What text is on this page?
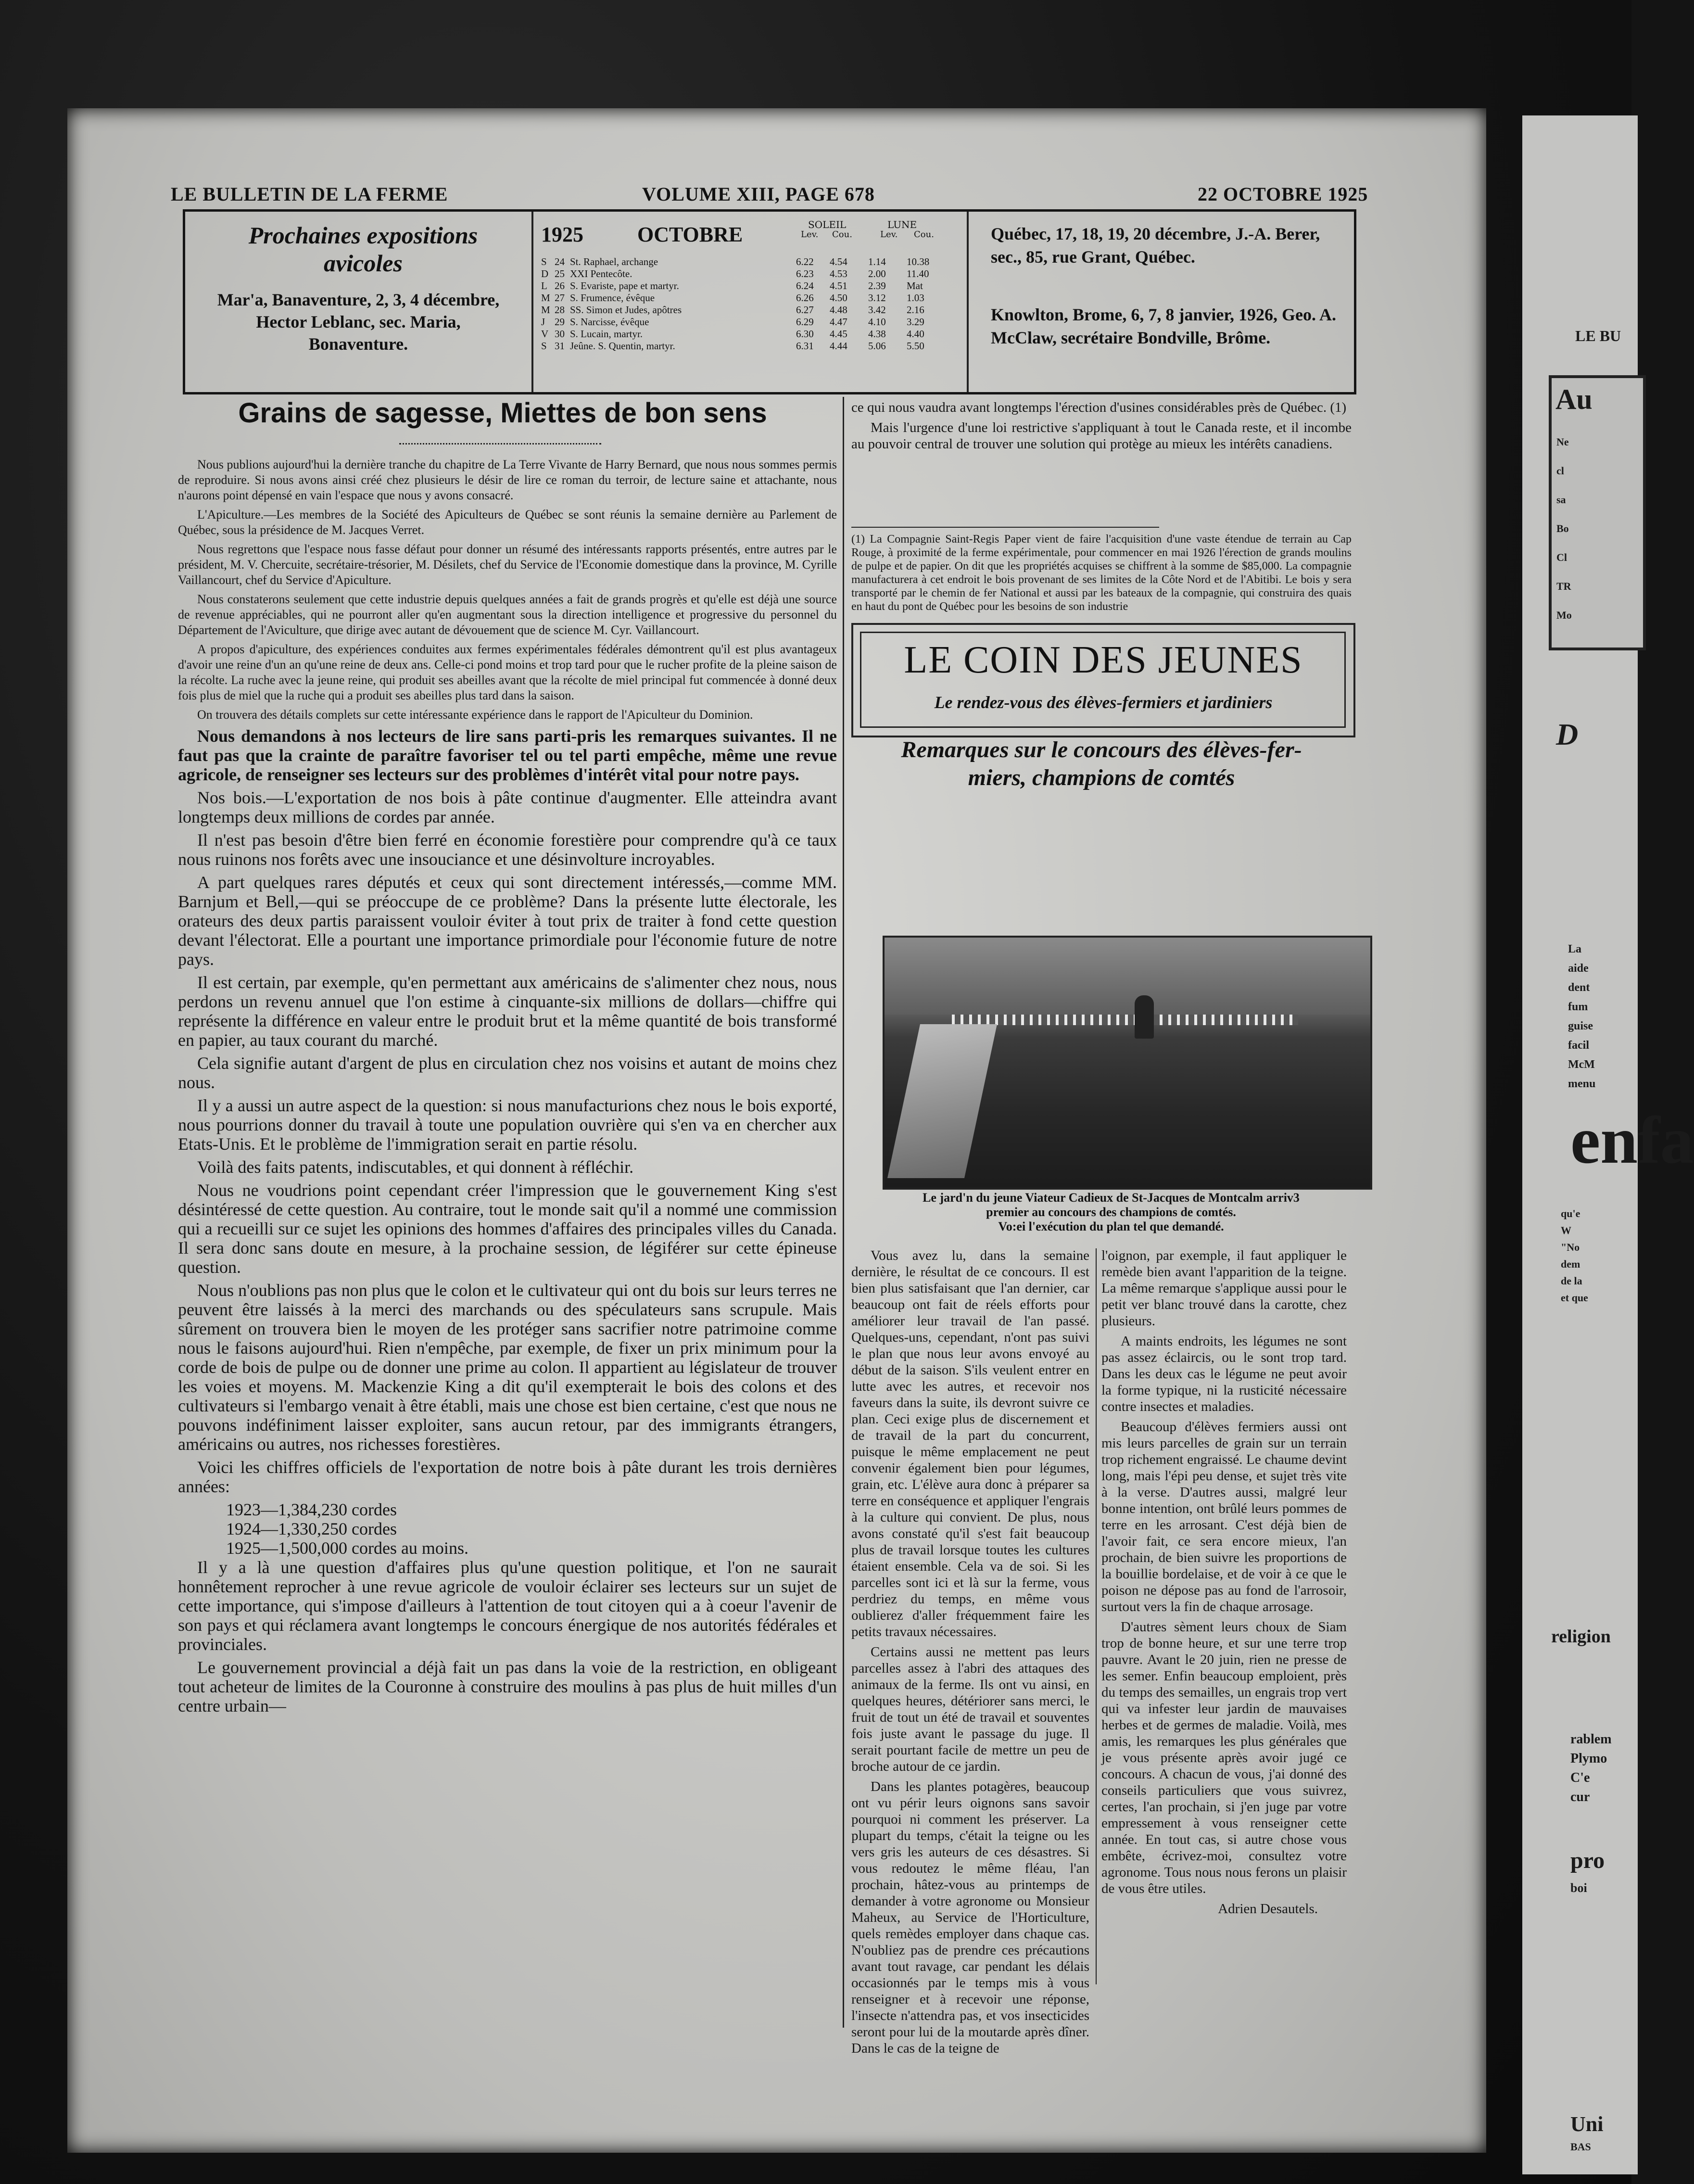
LE BU
Au
Ne
cl
sa
Bo
Cl
TR
Mo
D
La
aide
dent
fum
guise
facil
McM
menu
enfa
qu'e
W
"No
dem
de la
et que
religion
rablem
Plymo
C'e
cur
pro
boi
Uni
BAS
LE BULLETIN DE LA FERME	VOLUME XIII, PAGE 678	22 OCTOBRE 1925
Prochaines expositions
avicoles
Mar'a, Banaventure, 2, 3, 4 décembre, Hector Leblanc, sec. Maria, Bonaventure.
1925	OCTOBRE	SOLEIL	LUNE
Lev. Cou.	Lev. Cou.
S 24 St. Raphael, archange	6.22	4.54	1.14	10.38
D 25 XXI Pentecôte.	6.23	4.53	2.00	11.40
L 26 S. Evariste, pape et martyr.	6.24	4.51	2.39	Mat
M 27 S. Frumence, évêque	6.26	4.50	3.12	1.03
M 28 SS. Simon et Judes, apôtres	6.27	4.48	3.42	2.16
J 29 S. Narcisse, évêque	6.29	4.47	4.10	3.29
V 30 S. Lucain, martyr.	6.30	4.45	4.38	4.40
S 31 Jeûne. S. Quentin, martyr.	6.31	4.44	5.06	5.50
Québec, 17, 18, 19, 20 décembre, J.-A. Ber​er, sec., 85, rue Grant, Québec.
Knowlton, Brome, 6, 7, 8 janvier, 1926, Geo. A. McClaw, secrétaire Bondville, Brôme.
Grains de sagesse, Miettes de bon sens

Nous publions aujourd'hui la dernière tranche du chapitre de La Terre Vivante de Harry Bernard, que nous nous sommes permis de reproduire. Si nous avons ainsi créé chez plusieurs le désir de lire ce roman du terroir, de lecture saine et attachante, nous n'aurons point dépensé en vain l'espace que nous y avons consacré.

L'Apiculture.—Les membres de la Société des Apiculteurs de Québec se sont réunis la semaine dernière au Parlement de Québec, sous la présidence de M. Jacques Verret.

Nous regrettons que l'espace nous fasse défaut pour donner un résumé des intéressants rapports présentés, entre autres par le président, M. V. Chercuite, secrétaire-trésorier, M. Désilets, chef du Service de l'Economie domestique dans la province, M. Cyrille Vaillancourt, chef du Service d'Apiculture.

Nous constaterons seulement que cette industrie depuis quelques années a fait de grands progrès et qu'elle est déjà une source de revenue appréciables, qui ne pourront aller qu'en augmentant sous la direction intelligence et progressive du personnel du Département de l'Aviculture, que dirige avec autant de dévouement que de science M. Cyr. Vaillancourt.

A propos d'apiculture, des expériences conduites aux fermes expérimentales fédérales démontrent qu'il est plus avantageux d'avoir une reine d'un an qu'une reine de deux ans. Celle-ci pond moins et trop tard pour que le rucher profite de la pleine saison de la récolte. La ruche avec la jeune reine, qui produit ses abeilles avant que la récolte de miel principal fut commencée à donné deux fois plus de miel que la ruche qui a produit ses abeilles plus tard dans la saison.

On trouvera des détails complets sur cette intéressante expérience dans le rapport de l'Apiculteur du Dominion.

Nous demandons à nos lecteurs de lire sans parti-pris les remarques suivantes. Il ne faut pas que la crainte de paraître favoriser tel ou tel parti empêche, même une revue agricole, de renseigner ses lecteurs sur des problèmes d'intérêt vital pour notre pays.

Nos bois.—L'exportation de nos bois à pâte continue d'augmenter. Elle atteindra avant longtemps deux millions de cordes par année.

Il n'est pas besoin d'être bien ferré en économie forestière pour comprendre qu'à ce taux nous ruinons nos forêts avec une insouciance et une désinvolture incroyables.

A part quelques rares députés et ceux qui sont directement intéressés,—comme MM. Barnjum et Bell,—qui se préoccupe de ce problème? Dans la présente lutte électorale, les orateurs des deux partis paraissent vouloir éviter à tout prix de traiter à fond cette question devant l'électorat. Elle a pourtant une importance primordiale pour l'économie future de notre pays.

Il est certain, par exemple, qu'en permettant aux américains de s'alimenter chez nous, nous perdons un revenu annuel que l'on estime à cinquante-six millions de dollars—chiffre qui représente la différence en valeur entre le produit brut et la même quantité de bois transformé en papier, au taux courant du marché.

Cela signifie autant d'argent de plus en circulation chez nos voisins et autant de moins chez nous.

Il y a aussi un autre aspect de la question: si nous manufacturions chez nous le bois exporté, nous pourrions donner du travail à toute une population ouvrière qui s'en va en chercher aux Etats-Unis. Et le problème de l'immigration serait en partie résolu.

Voilà des faits patents, indiscutables, et qui donnent à réfléchir.

Nous ne voudrions point cependant créer l'impression que le gouvernement King s'est désintéressé de cette question. Au contraire, tout le monde sait qu'il a nommé une commission qui a recueilli sur ce sujet les opinions des hommes d'affaires des principales villes du Canada. Il sera donc sans doute en mesure, à la prochaine session, de légiférer sur cette épineuse question.

Nous n'oublions pas non plus que le colon et le cultivateur qui ont du bois sur leurs terres ne peuvent être laissés à la merci des marchands ou des spéculateurs sans scrupule. Mais sûrement on trouvera bien le moyen de les protéger sans sacrifier notre patrimoine comme nous le faisons aujourd'hui. Rien n'empêche, par exemple, de fixer un prix minimum pour la corde de bois de pulpe ou de donner une prime au colon. Il appartient au législateur de trouver les voies et moyens. M. Mackenzie King a dit qu'il exempterait le bois des colons et des cultivateurs si l'embargo venait à être établi, mais une chose est bien certaine, c'est que nous ne pouvons indéfiniment laisser exploiter, sans aucun retour, par des immigrants étrangers, américains ou autres, nos richesses forestières.

Voici les chiffres officiels de l'exportation de notre bois à pâte durant les trois dernières années:

1923—1,384,230 cordes
1924—1,330,250 cordes
1925—1,500,000 cordes au moins.

Il y a là une question d'affaires plus qu'une question politique, et l'on ne saurait honnêtement reprocher à une revue agricole de vouloir éclairer ses lecteurs sur un sujet de cette importance, qui s'impose d'ailleurs à l'attention de tout citoyen qui a à coeur l'avenir de son pays et qui réclamera avant longtemps le concours énergique de nos autorités fédérales et provinciales.

Le gouvernement provincial a déjà fait un pas dans la voie de la restriction, en obligeant tout acheteur de limites de la Couronne à construire des moulins à pas plus de huit milles d'un centre urbain—

ce qui nous vaudra avant longtemps l'érection d'usines considérables près de Québec. (1)

Mais l'urgence d'une loi restrictive s'appliquant à tout le Canada reste, et il incombe au pouvoir central de trouver une solution qui protège au mieux les intérêts canadiens.

(1) La Compagnie Saint-Regis Paper vient de faire l'acquisition d'une vaste étendue de terrain au Cap Rouge, à proximité de la ferme expérimentale, pour commencer en mai 1926 l'érection de grands moulins de pulpe et de papier. On dit que les propriétés acquises se chiffrent à la somme de $85,000. La compagnie manufacturera à cet endroit le bois provenant de ses limites de la Côte Nord et de l'Abitibi. Le bois y sera transporté par le chemin de fer National et aussi par les bateaux de la compagnie, qui construira des quais en haut du pont de Québec pour les besoins de son industrie
LE COIN DES JEUNES
Le rendez-vous des élèves-fermiers et jardiniers
Remarques sur le concours des élèves-fer-
miers, champions de comtés
Le jard'n du jeune Viateur Cadieux de St-Jacques de Montcalm arriv3
premier au concours des champions de comtés.
Vo:ei l'exécution du plan tel que demandé.

Vous avez lu, dans la semaine dernière, le résultat de ce concours. Il est bien plus satisfaisant que l'an dernier, car beaucoup ont fait de réels efforts pour améliorer leur travail de l'an passé. Quelques-uns, cependant, n'ont pas suivi le plan que nous leur avons envoyé au début de la saison. S'ils veulent entrer en lutte avec les autres, et recevoir nos faveurs dans la suite, ils devront suivre ce plan. Ceci exige plus de discernement et de travail de la part du concurrent, puisque le même emplacement ne peut convenir également bien pour légumes, grain, etc. L'élève aura donc à préparer sa terre en conséquence et appliquer l'engrais à la culture qui convient. De plus, nous avons constaté qu'il s'est fait beaucoup plus de travail lorsque toutes les cultures étaient ensemble. Cela va de soi. Si les parcelles sont ici et là sur la ferme, vous perdriez du temps, en même vous oublierez d'aller fréquemment faire les petits travaux nécessaires.

Certains aussi ne mettent pas leurs parcelles assez à l'abri des attaques des animaux de la ferme. Ils ont vu ainsi, en quelques heures, détériorer sans merci, le fruit de tout un été de travail et souventes fois juste avant le passage du juge. Il serait pourtant facile de mettre un peu de broche autour de ce jardin.

Dans les plantes potagères, beaucoup ont vu périr leurs oignons sans savoir pourquoi ni comment les préserver. La plupart du temps, c'était la teigne ou les vers gris les auteurs de ces désastres. Si vous redoutez le même fléau, l'an prochain, hâtez-vous au printemps de demander à votre agronome ou Monsieur Maheux, au Service de l'Horticulture, quels remèdes employer dans chaque cas. N'oubliez pas de prendre ces précautions avant tout ravage, car pendant les délais occasionnés par le temps mis à vous renseigner et à recevoir une réponse, l'insecte n'attendra pas, et vos insecticides seront pour lui de la moutarde après dîner. Dans le cas de la teigne de

l'oignon, par exemple, il faut appliquer le remède bien avant l'apparition de la teigne. La même remarque s'applique aussi pour le petit ver blanc trouvé dans la carotte, chez plusieurs.

A maints endroits, les légumes ne sont pas assez éclaircis, ou le sont trop tard. Dans les deux cas le légume ne peut avoir la forme typique, ni la rusticité nécessaire contre insectes et maladies.

Beaucoup d'élèves fermiers aussi ont mis leurs parcelles de grain sur un terrain trop richement engraissé. Le chaume devint long, mais l'épi peu dense, et sujet très vite à la verse. D'autres aussi, malgré leur bonne intention, ont brûlé leurs pommes de terre en les arrosant. C'est déjà bien de l'avoir fait, ce sera encore mieux, l'an prochain, de bien suivre les proportions de la bouillie bordelaise, et de voir à ce que le poison ne dépose pas au fond de l'arrosoir, surtout vers la fin de chaque arrosage.

D'autres sèment leurs choux de Siam trop de bonne heure, et sur une terre trop pauvre. Avant le 20 juin, rien ne presse de les semer. Enfin beaucoup emploient, près du temps des semailles, un engrais trop vert qui va infester leur jardin de mauvaises herbes et de germes de maladie. Voilà, mes amis, les remarques les plus générales que je vous présente après avoir jugé ce concours. A chacun de vous, j'ai donné des conseils particuliers que vous suivrez, certes, l'an prochain, si j'en juge par votre empressement à vous renseigner cette année. En tout cas, si autre chose vous embête, écrivez-moi, consultez votre agronome. Tous nous nous ferons un plaisir de vous être utiles.

Adrien Desautels.
